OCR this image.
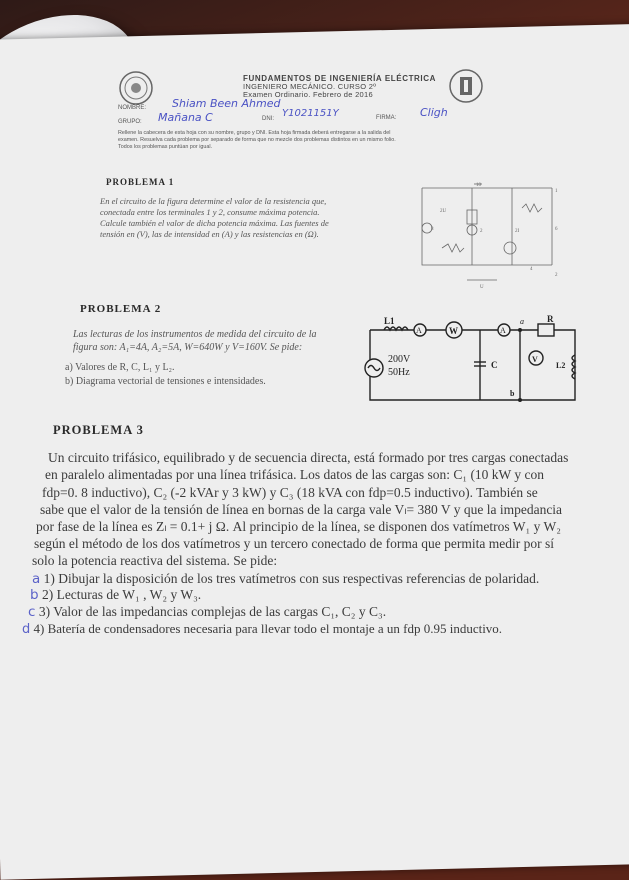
FUNDAMENTOS DE INGENIERÍA ELÉCTRICA
INGENIERO MECÁNICO. CURSO 2º
Examen Ordinario. Febrero de 2016
NOMBRE: Shiam Been Ahmed
GRUPO: Mañana C	DNI: Y1021151Y	FIRMA: Cligh
Rellene la cabecera de esta hoja con su nombre, grupo y DNI. Esta hoja firmada deberá entregarse a la salida del
examen. Resuelva cada problema por separado de forma que no mezcle dos problemas distintos en un mismo folio.
Todos los problemas puntúan por igual.
PROBLEMA 1
En el circuito de la figura determine el valor de la resistencia que,
conectada entre los terminales 1 y 2, consume máxima potencia.
Calcule también el valor de dicha potencia máxima. Las fuentes de
tensión en (V), las de intensidad en (A) y las resistencias en (Ω).
10
2U
8	2	2I	6
4
U
1
2
PROBLEMA 2
Las lecturas de los instrumentos de medida del circuito de la
figura son: A₁=4A, A₂=5A, W=640W y V=160V. Se pide:
a) Valores de R, C, L₁ y L₂.
b) Diagrama vectorial de tensiones e intensidades.
L1
A	W	A
R
a
b
C
V
L2
200V
50Hz
PROBLEMA 3
Un circuito trifásico, equilibrado y de secuencia directa, está formado por tres cargas conectadas
en paralelo alimentadas por una línea trifásica. Los datos de las cargas son: C₁ (10 kW y con
fdp=0. 8 inductivo), C₂ (-2 kVAr y 3 kW) y C₃ (18 kVA con fdp=0.5 inductivo). También se
sabe que el valor de la tensión de línea en bornas de la carga vale Vₗ= 380 V y que la impedancia
por fase de la línea es Zₗ = 0.1+ j Ω. Al principio de la línea, se disponen dos vatímetros W₁ y W₂
según el método de los dos vatímetros y un tercero conectado de forma que permita medir por sí
solo la potencia reactiva del sistema. Se pide:
a 1) Dibujar la disposición de los tres vatímetros con sus respectivas referencias de polaridad.
b 2) Lecturas de W₁ , W₂ y W₃.
c 3) Valor de las impedancias complejas de las cargas C₁, C₂ y C₃.
d 4) Batería de condensadores necesaria para llevar todo el montaje a un fdp 0.95 inductivo.
